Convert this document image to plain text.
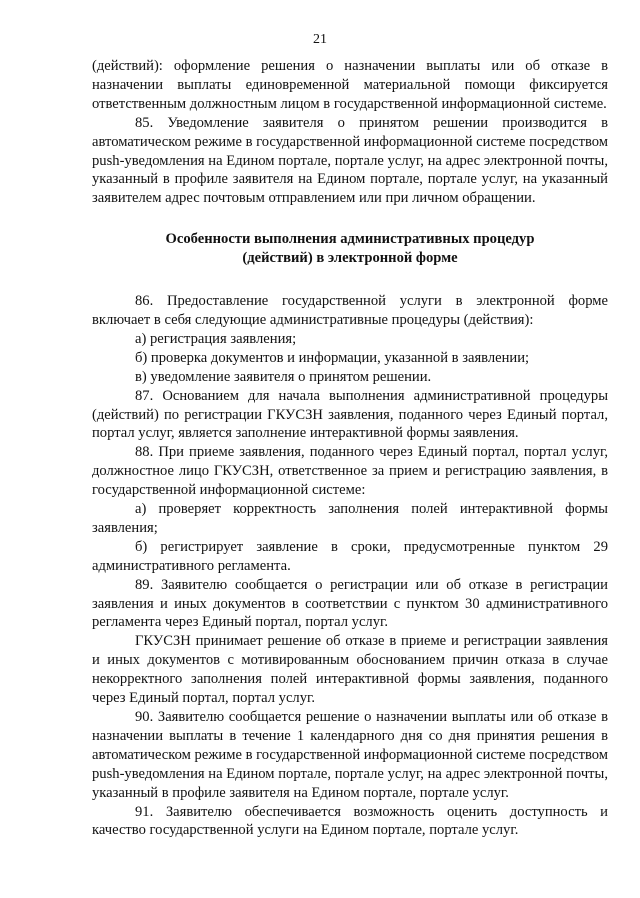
21

(действий): оформление решения о назначении выплаты или об отказе в назначении выплаты единовременной материальной помощи фиксируется ответственным должностным лицом в государственной информационной системе.

85. Уведомление заявителя о принятом решении производится в автоматическом режиме в государственной информационной системе посредством push-уведомления на Едином портале, портале услуг, на адрес электронной почты, указанный в профиле заявителя на Едином портале, портале услуг, на указанный заявителем адрес почтовым отправлением или при личном обращении.

Особенности выполнения административных процедур
(действий) в электронной форме

86. Предоставление государственной услуги в электронной форме включает в себя следующие административные процедуры (действия):

а) регистрация заявления;

б) проверка документов и информации, указанной в заявлении;

в) уведомление заявителя о принятом решении.

87. Основанием для начала выполнения административной процедуры (действий) по регистрации ГКУСЗН заявления, поданного через Единый портал, портал услуг, является заполнение интерактивной формы заявления.

88. При приеме заявления, поданного через Единый портал, портал услуг, должностное лицо ГКУСЗН, ответственное за прием и регистрацию заявления, в государственной информационной системе:

а) проверяет корректность заполнения полей интерактивной формы заявления;

б) регистрирует заявление в сроки, предусмотренные пунктом 29 административного регламента.

89. Заявителю сообщается о регистрации или об отказе в регистрации заявления и иных документов в соответствии с пунктом 30 административного регламента через Единый портал, портал услуг.

ГКУСЗН принимает решение об отказе в приеме и регистрации заявления и иных документов с мотивированным обоснованием причин отказа в случае некорректного заполнения полей интерактивной формы заявления, поданного через Единый портал, портал услуг.

90. Заявителю сообщается решение о назначении выплаты или об отказе в назначении выплаты в течение 1 календарного дня со дня принятия решения в автоматическом режиме в государственной информационной системе посредством push-уведомления на Едином портале, портале услуг, на адрес электронной почты, указанный в профиле заявителя на Едином портале, портале услуг.

91. Заявителю обеспечивается возможность оценить доступность и качество государственной услуги на Едином портале, портале услуг.
